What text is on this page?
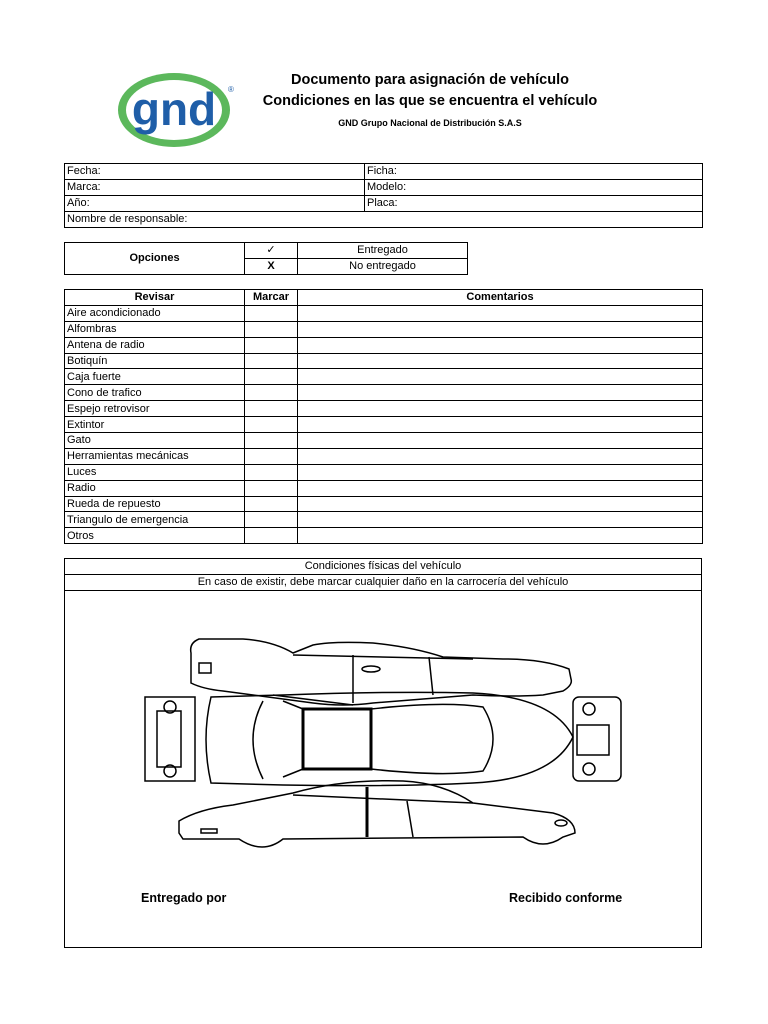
gnd ®
Documento para asignación de vehículo
Condiciones en las que se encuentra el vehículo
GND Grupo Nacional de Distribución S.A.S
Fecha:	Ficha:
Marca:	Modelo:
Año:	Placa:
Nombre de responsable:	
Opciones	✓	Entregado
	X	No entregado
Revisar	Marcar	Comentarios
Aire acondicionado		
Alfombras		
Antena de radio		
Botiquín		
Caja fuerte		
Cono de trafico		
Espejo retrovisor		
Extintor		
Gato		
Herramientas mecánicas		
Luces		
Radio		
Rueda de repuesto		
Triangulo de emergencia		
Otros		
Condiciones físicas del vehículo
En caso de existir, debe marcar cualquier daño en la carrocería del vehículo
Entregado por	Recibido conforme
